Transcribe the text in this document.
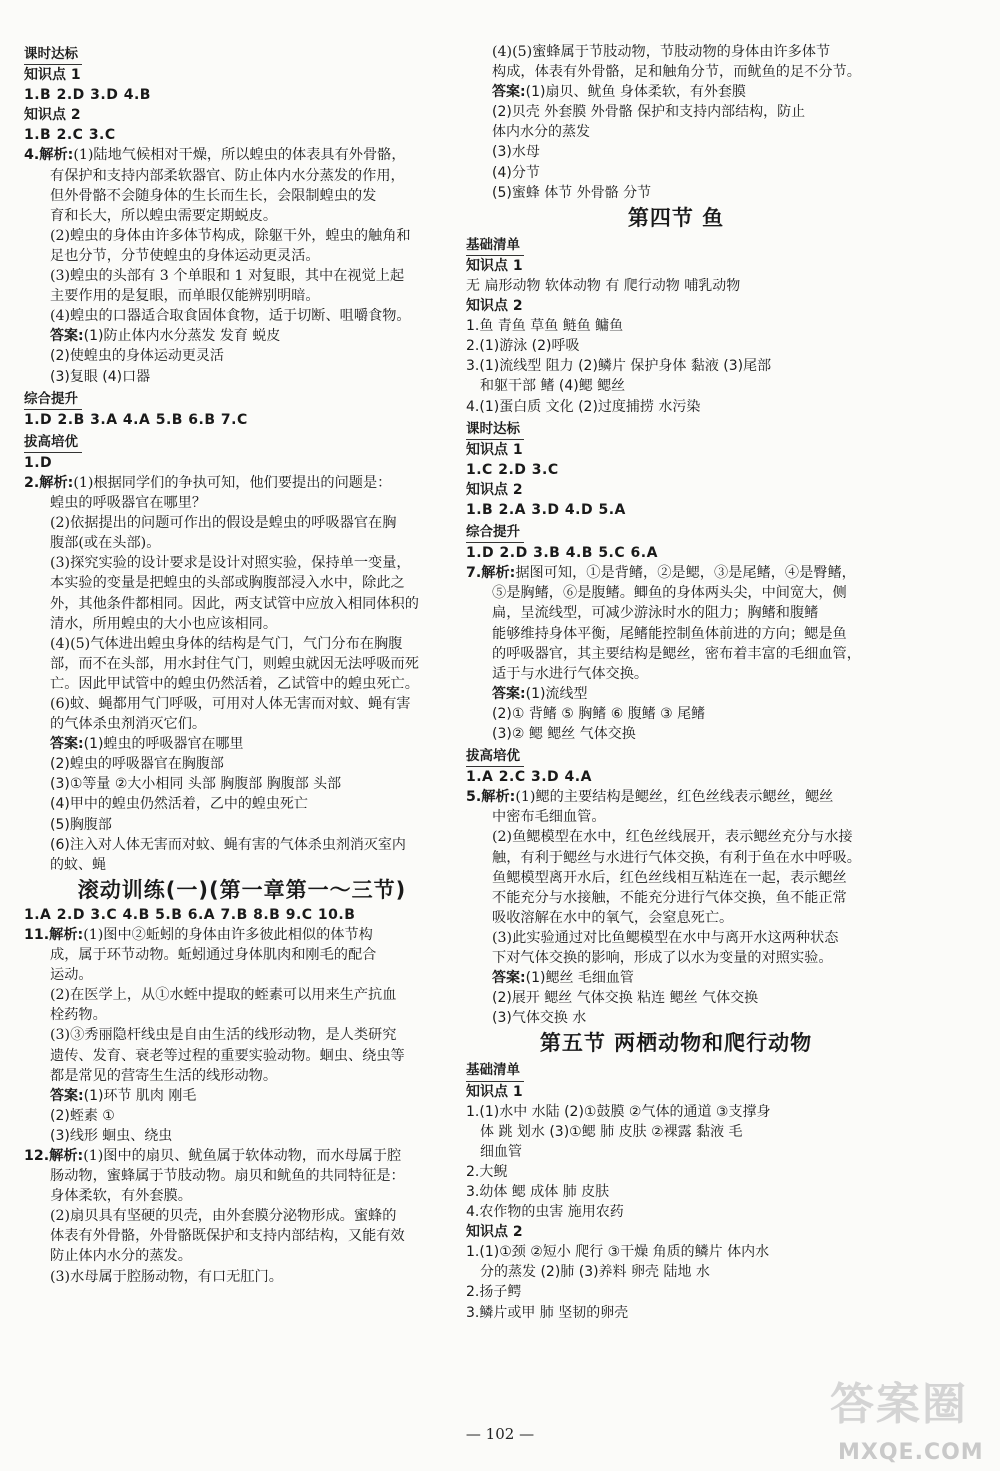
课时达标
知识点 1
1.B 2.D 3.D 4.B
知识点 2
1.B 2.C 3.C
4.解析:(1)陆地气候相对干燥，所以蝗虫的体表具有外骨骼，
有保护和支持内部柔软器官、防止体内水分蒸发的作用，
但外骨骼不会随身体的生长而生长，会限制蝗虫的发
育和长大，所以蝗虫需要定期蜕皮。
(2)蝗虫的身体由许多体节构成，除躯干外，蝗虫的触角和
足也分节，分节使蝗虫的身体运动更灵活。
(3)蝗虫的头部有 3 个单眼和 1 对复眼，其中在视觉上起
主要作用的是复眼，而单眼仅能辨别明暗。
(4)蝗虫的口器适合取食固体食物，适于切断、咀嚼食物。
答案:(1)防止体内水分蒸发 发育 蜕皮
(2)使蝗虫的身体运动更灵活
(3)复眼 (4)口器
综合提升
1.D 2.B 3.A 4.A 5.B 6.B 7.C
拔高培优
1.D
2.解析:(1)根据同学们的争执可知，他们要提出的问题是：
蝗虫的呼吸器官在哪里？
(2)依据提出的问题可作出的假设是蝗虫的呼吸器官在胸
腹部(或在头部)。
(3)探究实验的设计要求是设计对照实验，保持单一变量，
本实验的变量是把蝗虫的头部或胸腹部浸入水中，除此之
外，其他条件都相同。因此，两支试管中应放入相同体积的
清水，所用蝗虫的大小也应该相同。
(4)(5)气体进出蝗虫身体的结构是气门，气门分布在胸腹
部，而不在头部，用水封住气门，则蝗虫就因无法呼吸而死
亡。因此甲试管中的蝗虫仍然活着，乙试管中的蝗虫死亡。
(6)蚊、蝇都用气门呼吸，可用对人体无害而对蚊、蝇有害
的气体杀虫剂消灭它们。
答案:(1)蝗虫的呼吸器官在哪里
(2)蝗虫的呼吸器官在胸腹部
(3)①等量 ②大小相同 头部 胸腹部 胸腹部 头部
(4)甲中的蝗虫仍然活着，乙中的蝗虫死亡
(5)胸腹部
(6)注入对人体无害而对蚊、蝇有害的气体杀虫剂消灭室内
的蚊、蝇
滚动训练(一)(第一章第一～三节)
1.A 2.D 3.C 4.B 5.B 6.A 7.B 8.B 9.C 10.B
11.解析:(1)图中②蚯蚓的身体由许多彼此相似的体节构
成，属于环节动物。蚯蚓通过身体肌肉和刚毛的配合
运动。
(2)在医学上，从①水蛭中提取的蛭素可以用来生产抗血
栓药物。
(3)③秀丽隐杆线虫是自由生活的线形动物，是人类研究
遗传、发育、衰老等过程的重要实验动物。蛔虫、绕虫等
都是常见的营寄生生活的线形动物。
答案:(1)环节 肌肉 刚毛
(2)蛭素 ①
(3)线形 蛔虫、绕虫
12.解析:(1)图中的扇贝、鱿鱼属于软体动物，而水母属于腔
肠动物，蜜蜂属于节肢动物。扇贝和鱿鱼的共同特征是：
身体柔软，有外套膜。
(2)扇贝具有坚硬的贝壳，由外套膜分泌物形成。蜜蜂的
体表有外骨骼，外骨骼既保护和支持内部结构，又能有效
防止体内水分的蒸发。
(3)水母属于腔肠动物，有口无肛门。
(4)(5)蜜蜂属于节肢动物，节肢动物的身体由许多体节
构成，体表有外骨骼，足和触角分节，而鱿鱼的足不分节。
答案:(1)扇贝、鱿鱼 身体柔软，有外套膜
(2)贝壳 外套膜 外骨骼 保护和支持内部结构，防止
体内水分的蒸发
(3)水母
(4)分节
(5)蜜蜂 体节 外骨骼 分节
第四节 鱼
基础清单
知识点 1
无 扁形动物 软体动物 有 爬行动物 哺乳动物
知识点 2
1.鱼 青鱼 草鱼 鲢鱼 鳙鱼
2.(1)游泳 (2)呼吸
3.(1)流线型 阻力 (2)鳞片 保护身体 黏液 (3)尾部
和躯干部 鳍 (4)鳃 鳃丝
4.(1)蛋白质 文化 (2)过度捕捞 水污染
课时达标
知识点 1
1.C 2.D 3.C
知识点 2
1.B 2.A 3.D 4.D 5.A
综合提升
1.D 2.D 3.B 4.B 5.C 6.A
7.解析:据图可知，①是背鳍，②是鳃，③是尾鳍，④是臀鳍，
⑤是胸鳍，⑥是腹鳍。鲫鱼的身体两头尖，中间宽大，侧
扁，呈流线型，可减少游泳时水的阻力；胸鳍和腹鳍
能够维持身体平衡，尾鳍能控制鱼体前进的方向；鳃是鱼
的呼吸器官，其主要结构是鳃丝，密布着丰富的毛细血管，
适于与水进行气体交换。
答案:(1)流线型
(2)① 背鳍 ⑤ 胸鳍 ⑥ 腹鳍 ③ 尾鳍
(3)② 鳃 鳃丝 气体交换
拔高培优
1.A 2.C 3.D 4.A
5.解析:(1)鳃的主要结构是鳃丝，红色丝线表示鳃丝，鳃丝
中密布毛细血管。
(2)鱼鳃模型在水中，红色丝线展开，表示鳃丝充分与水接
触，有利于鳃丝与水进行气体交换，有利于鱼在水中呼吸。
鱼鳃模型离开水后，红色丝线相互粘连在一起，表示鳃丝
不能充分与水接触，不能充分进行气体交换，鱼不能正常
吸收溶解在水中的氧气，会窒息死亡。
(3)此实验通过对比鱼鳃模型在水中与离开水这两种状态
下对气体交换的影响，形成了以水为变量的对照实验。
答案:(1)鳃丝 毛细血管
(2)展开 鳃丝 气体交换 粘连 鳃丝 气体交换
(3)气体交换 水
第五节 两栖动物和爬行动物
基础清单
知识点 1
1.(1)水中 水陆 (2)①鼓膜 ②气体的通道 ③支撑身
体 跳 划水 (3)①鳃 肺 皮肤 ②裸露 黏液 毛
细血管
2.大鲵
3.幼体 鳃 成体 肺 皮肤
4.农作物的虫害 施用农药
知识点 2
1.(1)①颈 ②短小 爬行 ③干燥 角质的鳞片 体内水
分的蒸发 (2)肺 (3)养料 卵壳 陆地 水
2.扬子鳄
3.鳞片或甲 肺 坚韧的卵壳
— 102 —
答案圈
MXQE.COM
